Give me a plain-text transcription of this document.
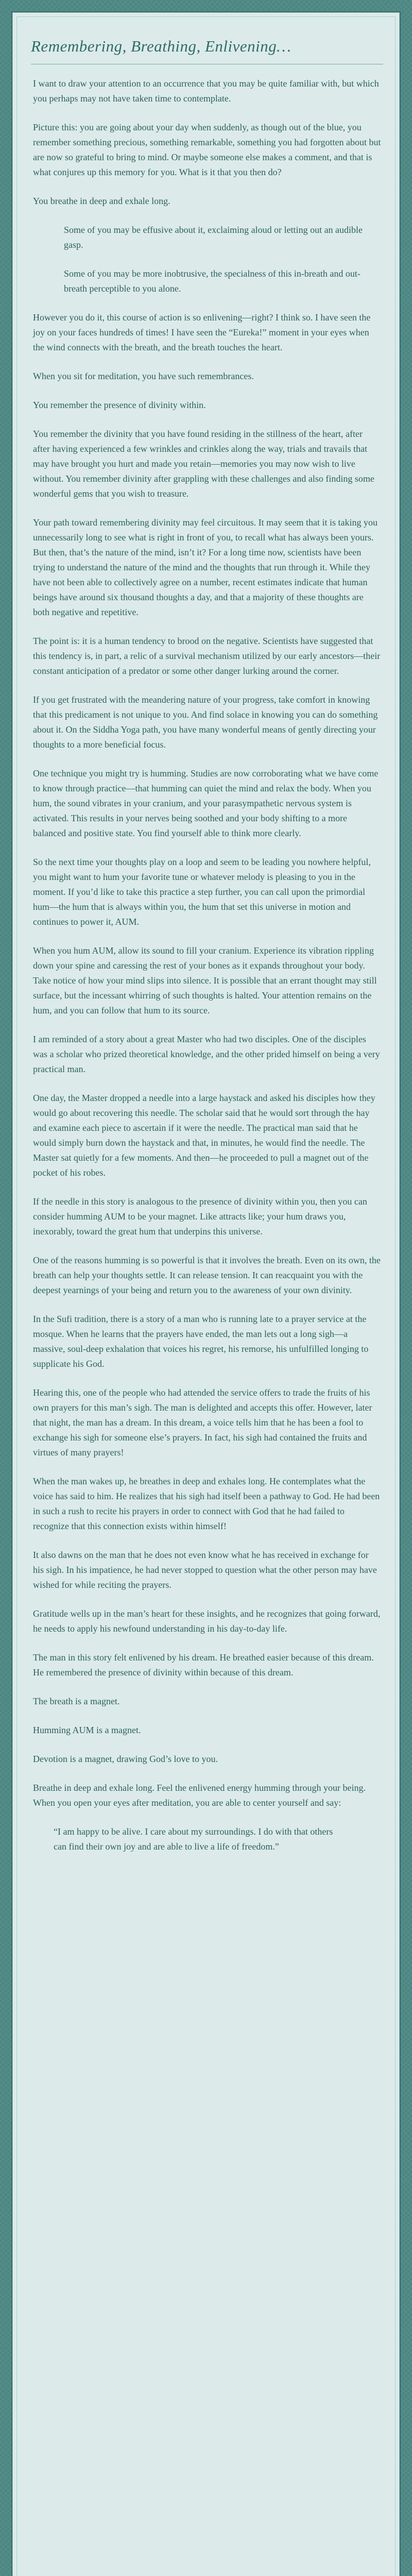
Remembering, Breathing, Enlivening…

I want to draw your attention to an occurrence that you may be quite familiar with, but which you perhaps may not have taken time to contemplate.

Picture this: you are going about your day when suddenly, as though out of the blue, you remember something precious, something remarkable, something you had forgotten about but are now so grateful to bring to mind. Or maybe someone else makes a comment, and that is what conjures up this memory for you. What is it that you then do?

You breathe in deep and exhale long.

Some of you may be effusive about it, exclaiming aloud or letting out an audible gasp.

Some of you may be more inobtrusive, the specialness of this in-breath and out-breath perceptible to you alone.

However you do it, this course of action is so enlivening—right? I think so. I have seen the joy on your faces hundreds of times! I have seen the “Eureka!” moment in your eyes when the wind connects with the breath, and the breath touches the heart.

When you sit for meditation, you have such remembrances.

You remember the presence of divinity within.

You remember the divinity that you have found residing in the stillness of the heart, after after having experienced a few wrinkles and crinkles along the way, trials and travails that may have brought you hurt and made you retain—memories you may now wish to live without. You remember divinity after grappling with these challenges and also finding some wonderful gems that you wish to treasure.

Your path toward remembering divinity may feel circuitous. It may seem that it is taking you unnecessarily long to see what is right in front of you, to recall what has always been yours. But then, that’s the nature of the mind, isn’t it? For a long time now, scientists have been trying to understand the nature of the mind and the thoughts that run through it. While they have not been able to collectively agree on a number, recent estimates indicate that human beings have around six thousand thoughts a day, and that a majority of these thoughts are both negative and repetitive.

The point is: it is a human tendency to brood on the negative. Scientists have suggested that this tendency is, in part, a relic of a survival mechanism utilized by our early ancestors—their constant anticipation of a predator or some other danger lurking around the corner.

If you get frustrated with the meandering nature of your progress, take comfort in knowing that this predicament is not unique to you. And find solace in knowing you can do something about it. On the Siddha Yoga path, you have many wonderful means of gently directing your thoughts to a more beneficial focus.

One technique you might try is humming. Studies are now corroborating what we have come to know through practice—that humming can quiet the mind and relax the body. When you hum, the sound vibrates in your cranium, and your parasympathetic nervous system is activated. This results in your nerves being soothed and your body shifting to a more balanced and positive state. You find yourself able to think more clearly.

So the next time your thoughts play on a loop and seem to be leading you nowhere helpful, you might want to hum your favorite tune or whatever melody is pleasing to you in the moment. If you’d like to take this practice a step further, you can call upon the primordial hum—the hum that is always within you, the hum that set this universe in motion and continues to power it, AUM.

When you hum AUM, allow its sound to fill your cranium. Experience its vibration rippling down your spine and caressing the rest of your bones as it expands throughout your body. Take notice of how your mind slips into silence. It is possible that an errant thought may still surface, but the incessant whirring of such thoughts is halted. Your attention remains on the hum, and you can follow that hum to its source.

I am reminded of a story about a great Master who had two disciples. One of the disciples was a scholar who prized theoretical knowledge, and the other prided himself on being a very practical man.

One day, the Master dropped a needle into a large haystack and asked his disciples how they would go about recovering this needle. The scholar said that he would sort through the hay and examine each piece to ascertain if it were the needle. The practical man said that he would simply burn down the haystack and that, in minutes, he would find the needle. The Master sat quietly for a few moments. And then—he proceeded to pull a magnet out of the pocket of his robes.

If the needle in this story is analogous to the presence of divinity within you, then you can consider humming AUM to be your magnet. Like attracts like; your hum draws you, inexorably, toward the great hum that underpins this universe.

One of the reasons humming is so powerful is that it involves the breath. Even on its own, the breath can help your thoughts settle. It can release tension. It can reacquaint you with the deepest yearnings of your being and return you to the awareness of your own divinity.

In the Sufi tradition, there is a story of a man who is running late to a prayer service at the mosque. When he learns that the prayers have ended, the man lets out a long sigh—a massive, soul-deep exhalation that voices his regret, his remorse, his unfulfilled longing to supplicate his God.

Hearing this, one of the people who had attended the service offers to trade the fruits of his own prayers for this man’s sigh. The man is delighted and accepts this offer. However, later that night, the man has a dream. In this dream, a voice tells him that he has been a fool to exchange his sigh for someone else’s prayers. In fact, his sigh had contained the fruits and virtues of many prayers!

When the man wakes up, he breathes in deep and exhales long. He contemplates what the voice has said to him. He realizes that his sigh had itself been a pathway to God. He had been in such a rush to recite his prayers in order to connect with God that he had failed to recognize that this connection exists within himself!

It also dawns on the man that he does not even know what he has received in exchange for his sigh. In his impatience, he had never stopped to question what the other person may have wished for while reciting the prayers.

Gratitude wells up in the man’s heart for these insights, and he recognizes that going forward, he needs to apply his newfound understanding in his day-to-day life.

The man in this story felt enlivened by his dream. He breathed easier because of this dream. He remembered the presence of divinity within because of this dream.

The breath is a magnet.

Humming AUM is a magnet.

Devotion is a magnet, drawing God’s love to you.

Breathe in deep and exhale long. Feel the enlivened energy humming through your being. When you open your eyes after meditation, you are able to center yourself and say:

“I am happy to be alive. I care about my surroundings. I do with that others can find their own joy and are able to live a life of freedom.”
